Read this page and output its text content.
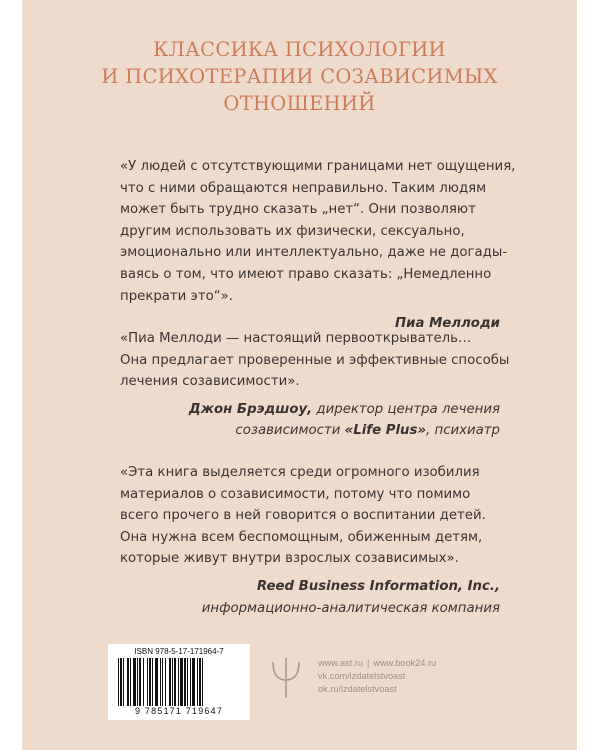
КЛАССИКА ПСИХОЛОГИИ
И ПСИХОТЕРАПИИ СОЗАВИСИМЫХ
ОТНОШЕНИЙ
«У людей с отсутствующими границами нет ощущения,
что с ними обращаются неправильно. Таким людям
может быть трудно сказать „нет“. Они позволяют
другим использовать их физически, сексуально,
эмоционально или интеллектуально, даже не догады-
ваясь о том, что имеют право сказать: „Немедленно
прекрати это“».
Пиа Меллоди
«Пиа Меллоди — настоящий первооткрыватель…
Она предлагает проверенные и эффективные способы
лечения созависимости».
Джон Брэдшоу, директор центра лечения
созависимости «Life Plus», психиатр
«Эта книга выделяется среди огромного изобилия
материалов о созависимости, потому что помимо
всего прочего в ней говорится о воспитании детей.
Она нужна всем беспомощным, обиженным детям,
которые живут внутри взрослых созависимых».
Reed Business Information, Inc.,
информационно-аналитическая компания
ISBN 978-5-17-171964-7
9 785171 719647
www.ast.ru | www.book24.ru
vk.com/izdatelstvoast
ok.ru/izdatelstvoast
